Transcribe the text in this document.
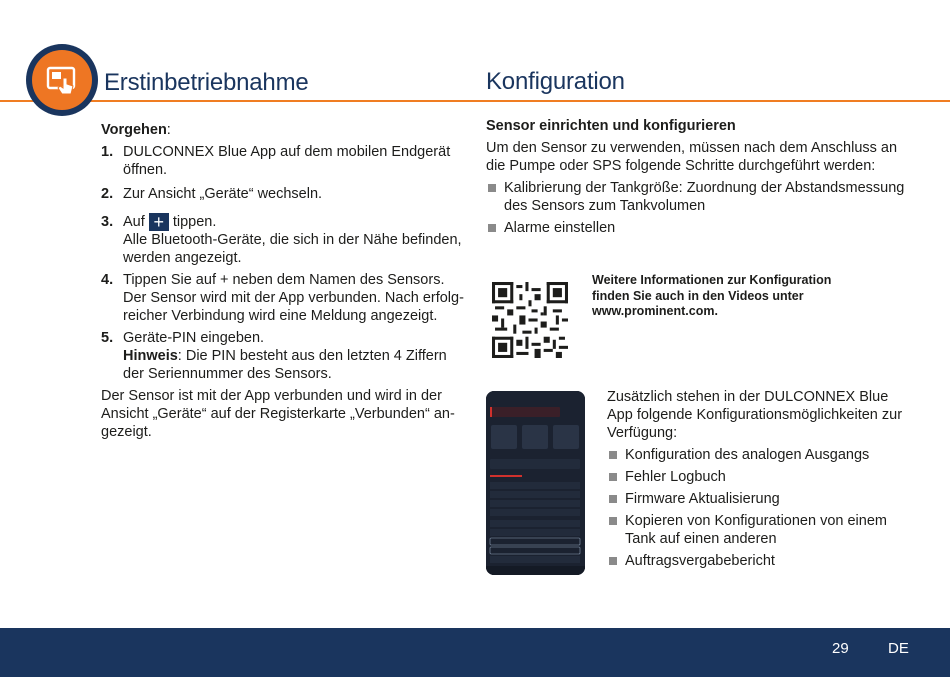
Erstinbetriebnahme	Konfiguration
Vorgehen:
1. DULCONNEX Blue App auf dem mobilen Endgerät öffnen.
2. Zur Ansicht „Geräte“ wechseln.
3. Auf + tippen.
Alle Bluetooth-Geräte, die sich in der Nähe befinden, werden angezeigt.
4. Tippen Sie auf + neben dem Namen des Sensors. Der Sensor wird mit der App verbunden. Nach erfolg-reicher Verbindung wird eine Meldung angezeigt.
5. Geräte-PIN eingeben.
Hinweis: Die PIN besteht aus den letzten 4 Ziffern der Seriennummer des Sensors.
Der Sensor ist mit der App verbunden und wird in der Ansicht „Geräte“ auf der Registerkarte „Verbunden“ an-gezeigt.
Sensor einrichten und konfigurieren
Um den Sensor zu verwenden, müssen nach dem Anschluss an die Pumpe oder SPS folgende Schritte durchgeführt werden:
Kalibrierung der Tankgröße: Zuordnung der Abstandsmessung des Sensors zum Tankvolumen
Alarme einstellen
Weitere Informationen zur Konfiguration finden Sie auch in den Videos unter www.prominent.com.
Zusätzlich stehen in der DULCONNEX Blue App folgende Konfigurationsmöglichkeiten zur Verfügung:
Konfiguration des analogen Ausgangs
Fehler Logbuch
Firmware Aktualisierung
Kopieren von Konfigurationen von einem Tank auf einen anderen
Auftragsvergabebericht
29	DE
